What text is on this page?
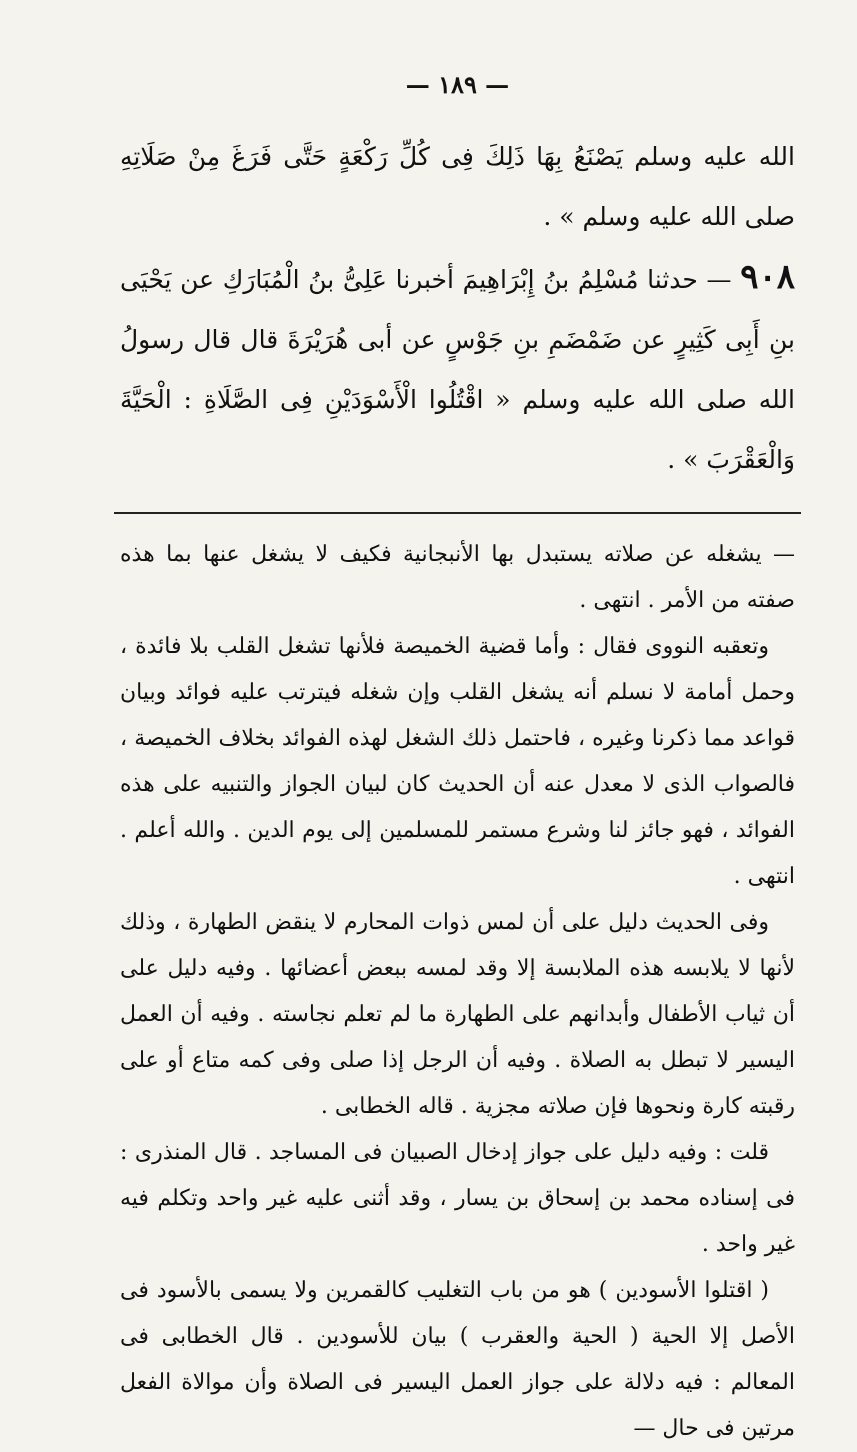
— ١٨٩ —

الله عليه وسلم يَصْنَعُ بِهَا ذَلِكَ فِى كُلِّ رَكْعَةٍ حَتَّى فَرَغَ مِنْ صَلَاتِهِ صلى الله عليه وسلم » .

٩٠٨ — حدثنا مُسْلِمُ بنُ إِبْرَاهِيمَ أخبرنا عَلِىُّ بنُ الْمُبَارَكِ عن يَحْيَى بنِ أَبِى كَثِيرٍ عن ضَمْضَمِ بنِ جَوْسٍ عن أبى هُرَيْرَةَ قال قال رسولُ الله صلى الله عليه وسلم « اقْتُلُوا الْأَسْوَدَيْنِ فِى الصَّلَاةِ : الْحَيَّةَ وَالْعَقْرَبَ » .

— يشغله عن صلاته يستبدل بها الأنبجانية فكيف لا يشغل عنها بما هذه صفته من الأمر . انتهى .

وتعقبه النووى فقال : وأما قضية الخميصة فلأنها تشغل القلب بلا فائدة ، وحمل أمامة لا نسلم أنه يشغل القلب وإن شغله فيترتب عليه فوائد وبيان قواعد مما ذكرنا وغيره ، فاحتمل ذلك الشغل لهذه الفوائد بخلاف الخميصة ، فالصواب الذى لا معدل عنه أن الحديث كان لبيان الجواز والتنبيه على هذه الفوائد ، فهو جائز لنا وشرع مستمر للمسلمين إلى يوم الدين . والله أعلم . انتهى .

وفى الحديث دليل على أن لمس ذوات المحارم لا ينقض الطهارة ، وذلك لأنها لا يلابسه هذه الملابسة إلا وقد لمسه ببعض أعضائها . وفيه دليل على أن ثياب الأطفال وأبدانهم على الطهارة ما لم تعلم نجاسته . وفيه أن العمل اليسير لا تبطل به الصلاة . وفيه أن الرجل إذا صلى وفى كمه متاع أو على رقبته كارة ونحوها فإن صلاته مجزية . قاله الخطابى .

قلت : وفيه دليل على جواز إدخال الصبيان فى المساجد . قال المنذرى : فى إسناده محمد بن إسحاق بن يسار ، وقد أثنى عليه غير واحد وتكلم فيه غير واحد .

( اقتلوا الأسودين ) هو من باب التغليب كالقمرين ولا يسمى بالأسود فى الأصل إلا الحية ( الحية والعقرب ) بيان للأسودين . قال الخطابى فى المعالم : فيه دلالة على جواز العمل اليسير فى الصلاة وأن موالاة الفعل مرتين فى حال —
